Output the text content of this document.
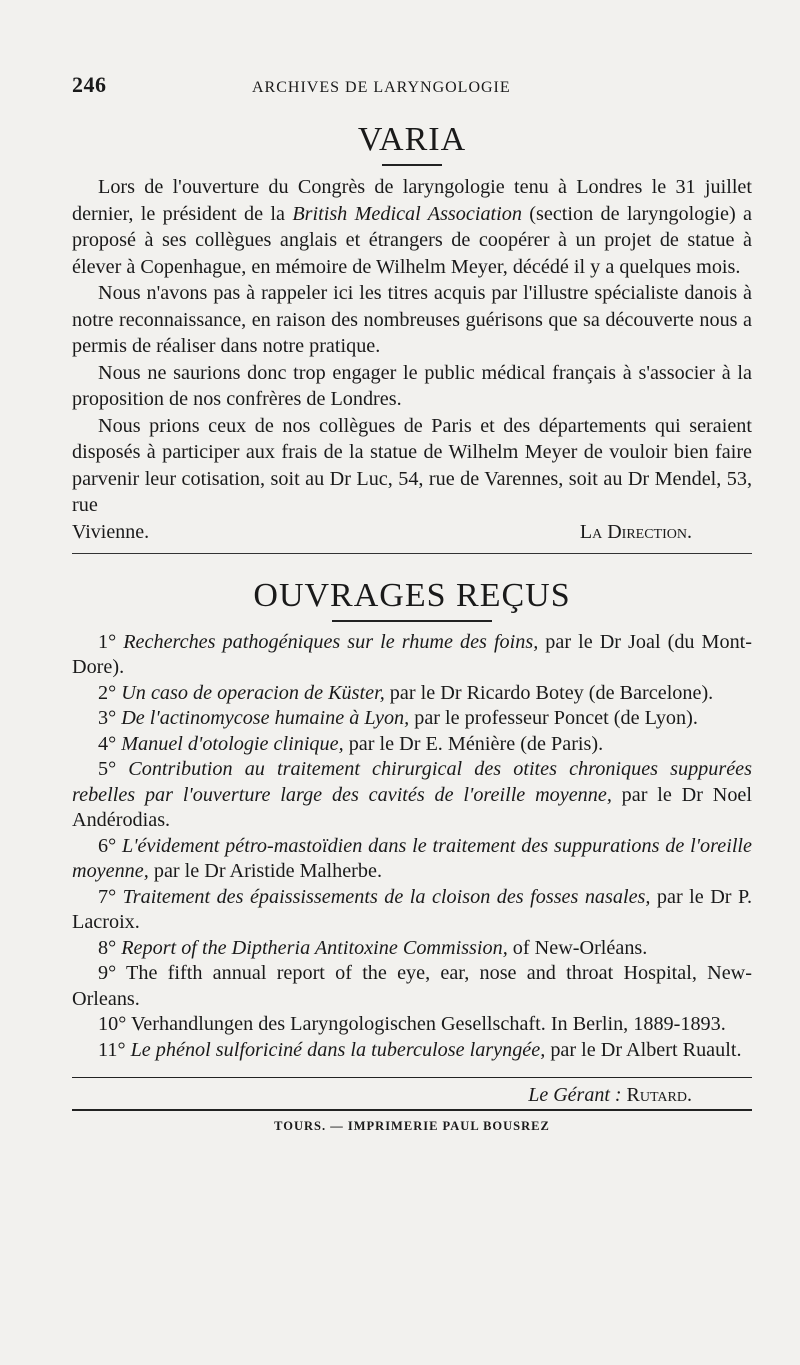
246	ARCHIVES DE LARYNGOLOGIE
VARIA

Lors de l'ouverture du Congrès de laryngologie tenu à Londres le 31 juillet dernier, le président de la British Medical Association (section de laryngologie) a proposé à ses collègues anglais et étrangers de coopérer à un projet de statue à élever à Copenhague, en mémoire de Wilhelm Meyer, décédé il y a quelques mois.

Nous n'avons pas à rappeler ici les titres acquis par l'illustre spécialiste danois à notre reconnaissance, en raison des nombreuses guérisons que sa découverte nous a permis de réaliser dans notre pratique.

Nous ne saurions donc trop engager le public médical français à s'associer à la proposition de nos confrères de Londres.

Nous prions ceux de nos collègues de Paris et des départements qui seraient disposés à participer aux frais de la statue de Wilhelm Meyer de vouloir bien faire parvenir leur cotisation, soit au Dr Luc, 54, rue de Varennes, soit au Dr Mendel, 53, rue

Vivienne.	La Direction.
OUVRAGES REÇUS

1° Recherches pathogéniques sur le rhume des foins, par le Dr Joal (du Mont-Dore).

2° Un caso de operacion de Küster, par le Dr Ricardo Botey (de Barcelone).

3° De l'actinomycose humaine à Lyon, par le professeur Poncet (de Lyon).

4° Manuel d'otologie clinique, par le Dr E. Ménière (de Paris).

5° Contribution au traitement chirurgical des otites chroniques suppurées rebelles par l'ouverture large des cavités de l'oreille moyenne, par le Dr Noel Andérodias.

6° L'évidement pétro-mastoïdien dans le traitement des suppurations de l'oreille moyenne, par le Dr Aristide Malherbe.

7° Traitement des épaississements de la cloison des fosses nasales, par le Dr P. Lacroix.

8° Report of the Diptheria Antitoxine Commission, of New-Orléans.

9° The fifth annual report of the eye, ear, nose and throat Hospital, New-Orleans.

10° Verhandlungen des Laryngologischen Gesellschaft. In Berlin, 1889-1893.

11° Le phénol sulforiciné dans la tuberculose laryngée, par le Dr Albert Ruault.

Le Gérant : Rutard.
TOURS. — IMPRIMERIE PAUL BOUSREZ
